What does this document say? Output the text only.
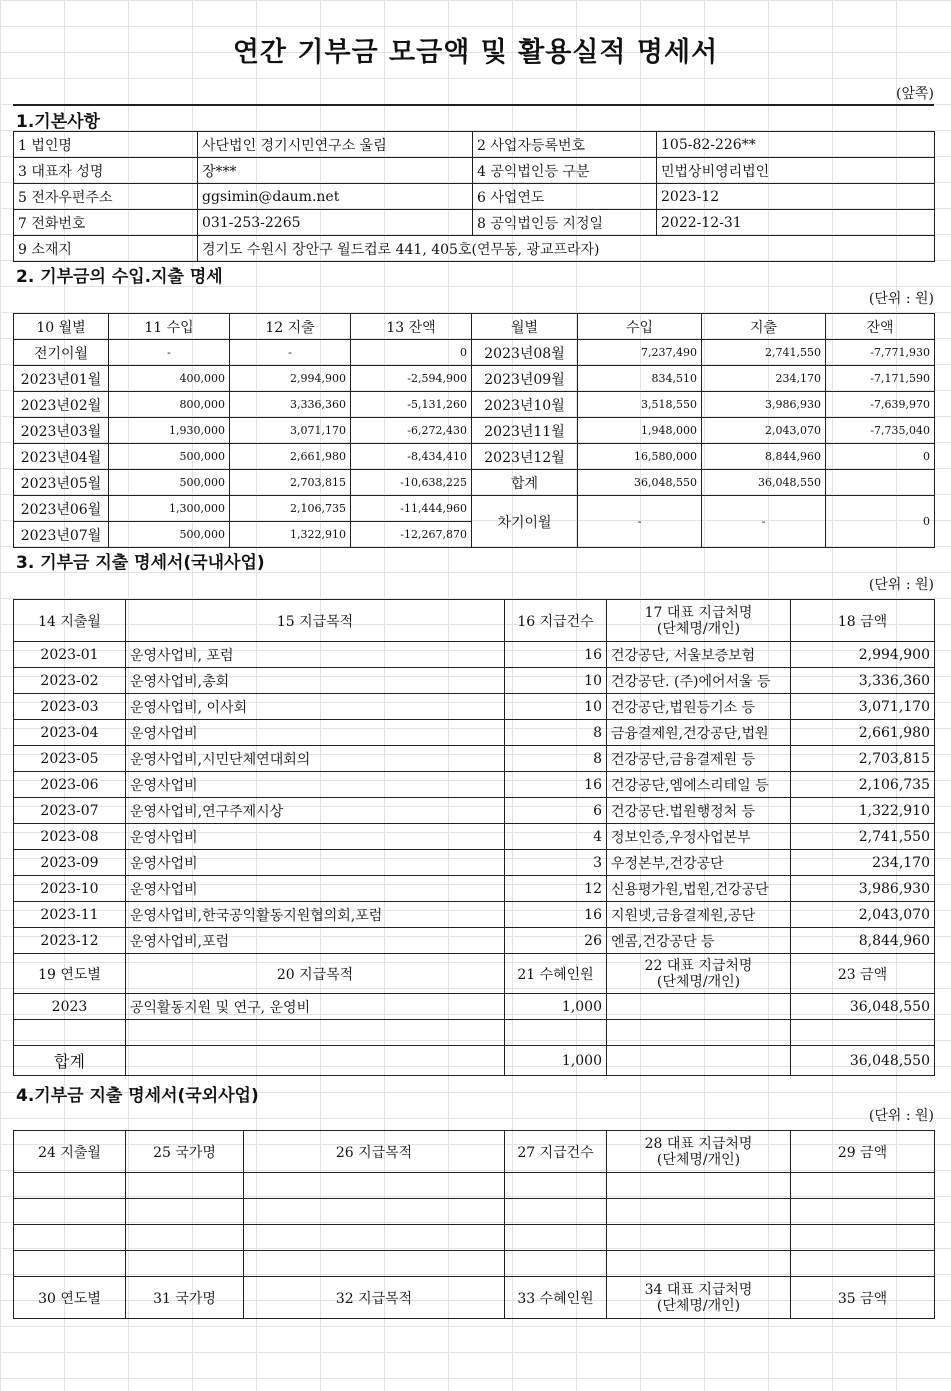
연간 기부금 모금액 및 활용실적 명세서
(앞쪽)
1.기본사항
1 법인명	사단법인 경기시민연구소 울림	2 사업자등록번호	105-82-226**
3 대표자 성명	장***	4 공익법인등 구분	민법상비영리법인
5 전자우편주소	ggsimin@daum.net	6 사업연도	2023-12
7 전화번호	031-253-2265	8 공익법인등 지정일	2022-12-31
9 소재지	경기도 수원시 장안구 월드컵로 441, 405호(연무동, 광교프라자)		
2. 기부금의 수입.지출 명세
(단위 : 원)
10 월별	11 수입	12 지출	13 잔액	월별	수입	지출	잔액
전기이월	-	-	0	2023년08월	7,237,490	2,741,550	-7,771,930
2023년01월	400,000	2,994,900	-2,594,900	2023년09월	834,510	234,170	-7,171,590
2023년02월	800,000	3,336,360	-5,131,260	2023년10월	3,518,550	3,986,930	-7,639,970
2023년03월	1,930,000	3,071,170	-6,272,430	2023년11월	1,948,000	2,043,070	-7,735,040
2023년04월	500,000	2,661,980	-8,434,410	2023년12월	16,580,000	8,844,960	0
2023년05월	500,000	2,703,815	-10,638,225	합계	36,048,550	36,048,550	
2023년06월	1,300,000	2,106,735	-11,444,960	차기이월	-	-	0
2023년07월	500,000	1,322,910	-12,267,870				
3. 기부금 지출 명세서(국내사업)
(단위 : 원)
14 지출월	15 지급목적	16 지급건수	17 대표 지급처명
(단체명/개인)	18 금액
2023-01	운영사업비, 포럼	16	건강공단, 서울보증보험	2,994,900
2023-02	운영사업비,총회	10	건강공단. (주)에어서울 등	3,336,360
2023-03	운영사업비, 이사회	10	건강공단,법원등기소 등	3,071,170
2023-04	운영사업비	8	금융결제원,건강공단,법원	2,661,980
2023-05	운영사업비,시민단체연대회의	8	건강공단,금융결제원 등	2,703,815
2023-06	운영사업비	16	건강공단,엠에스리테일 등	2,106,735
2023-07	운영사업비,연구주제시상	6	건강공단.법원행정처 등	1,322,910
2023-08	운영사업비	4	정보인증,우정사업본부	2,741,550
2023-09	운영사업비	3	우정본부,건강공단	234,170
2023-10	운영사업비	12	신용평가원,법원,건강공단	3,986,930
2023-11	운영사업비,한국공익활동지원협의회,포럼	16	지원넷,금융결제원,공단	2,043,070
2023-12	운영사업비,포럼	26	엔콤,건강공단 등	8,844,960
19 연도별	20 지급목적	21 수혜인원	22 대표 지급처명
(단체명/개인)	23 금액
2023	공익활동지원 및 연구, 운영비	1,000		36,048,550

합계		1,000		36,048,550
4.기부금 지출 명세서(국외사업)
(단위 : 원)
24 지출월	25 국가명	26 지급목적	27 지급건수	28 대표 지급처명
(단체명/개인)	29 금액

30 연도별	31 국가명	32 지급목적	33 수혜인원	34 대표 지급처명
(단체명/개인)	35 금액
